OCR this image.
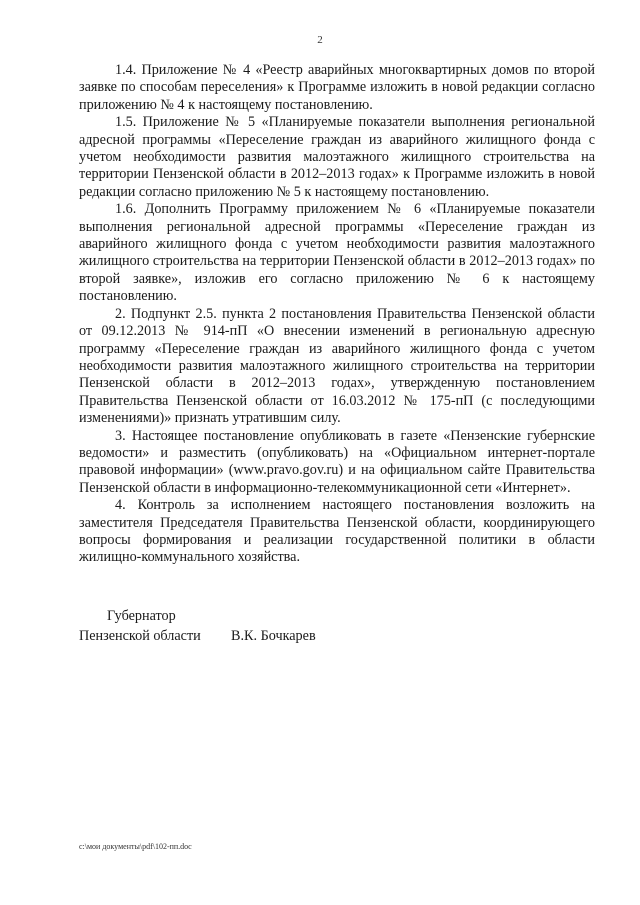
2

1.4. Приложение № 4 «Реестр аварийных многоквартирных домов по второй заявке по способам переселения» к Программе изложить в новой редакции согласно приложению № 4 к настоящему постановлению.

1.5. Приложение № 5 «Планируемые показатели выполнения региональной адресной программы «Переселение граждан из аварийного жилищного фонда с учетом необходимости развития малоэтажного жилищного строительства на территории Пензенской области в 2012–2013 годах» к Программе изложить в новой редакции согласно приложению № 5 к настоящему постановлению.

1.6. Дополнить Программу приложением № 6 «Планируемые показатели выполнения региональной адресной программы «Переселение граждан из аварийного жилищного фонда с учетом необходимости развития малоэтажного жилищного строительства на территории Пензенской области в 2012–2013 годах» по второй заявке», изложив его согласно приложению № 6 к настоящему постановлению.

2. Подпункт 2.5. пункта 2 постановления Правительства Пензенской области от 09.12.2013 № 914-пП «О внесении изменений в региональную адресную программу «Переселение граждан из аварийного жилищного фонда с учетом необходимости развития малоэтажного жилищного строительства на территории Пензенской области в 2012–2013 годах», утвержденную постановлением Правительства Пензенской области от 16.03.2012 № 175-пП (с последующими изменениями)» признать утратившим силу.

3. Настоящее постановление опубликовать в газете «Пензенские губернские ведомости» и разместить (опубликовать) на «Официальном интернет-портале правовой информации» (www.pravo.gov.ru) и на официальном сайте Правительства Пензенской области в информационно-телекоммуникационной сети «Интернет».

4. Контроль за исполнением настоящего постановления возложить на заместителя Председателя Правительства Пензенской области, координирующего вопросы формирования и реализации государственной политики в области жилищно-коммунального хозяйства.

Губернатор
Пензенской области	В.К. Бочкарев
c:\мои документы\pdf\102-пп.doc
